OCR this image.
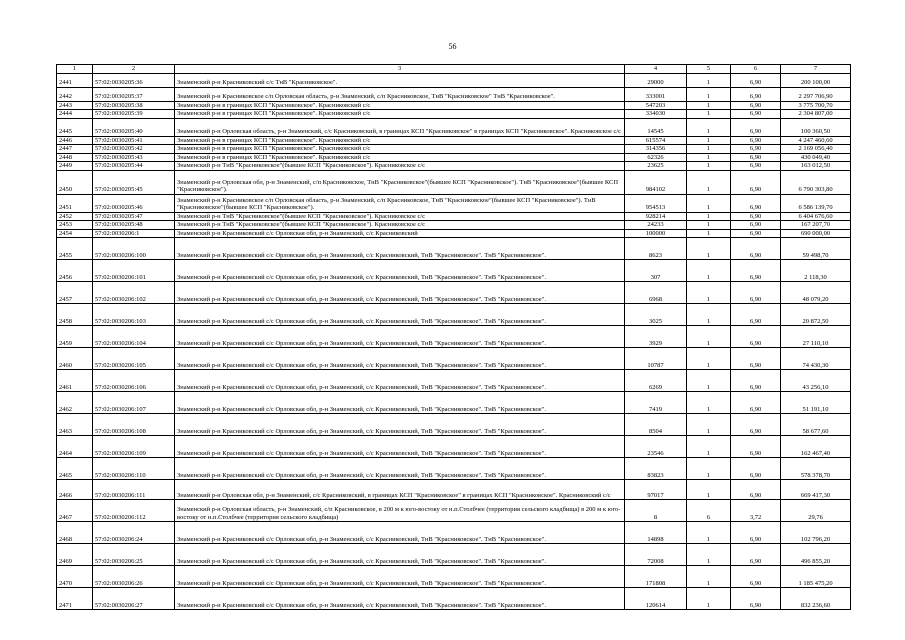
56
1	2	3	4	5	6	7
2441	57:02:0030205:36	Знаменский р-н Красниковский с/с ТнВ "Красниковское".	29000	1	6,90	200 100,00
2442	57:02:0030205:37	Знаменский р-н Красниковское с/п Орловская область, р-н Знаменский, с/п Красниковское, ТнВ "Красниковское" ТнВ "Красниковское".	333001	1	6,90	2 297 706,90
2443	57:02:0030205:38	Знаменский р-н в границах КСП "Красниковское". Красниковский с/с	547203	1	6,90	3 775 700,70
2444	57:02:0030205:39	Знаменский р-н в границах КСП "Красниковское". Красниковский с/с	334030	1	6,90	2 304 807,00
2445	57:02:0030205:40	Знаменский р-н Орловская область, р-н Знаменский, с/с Красниковский, в границах КСП "Красниковское" в границах КСП "Красниковское". Красниковское с/с	14545	1	6,90	100 360,50
2446	57:02:0030205:41	Знаменский р-н в границах КСП "Красниковское". Красниковский с/с	615574	1	6,90	4 247 460,60
2447	57:02:0030205:42	Знаменский р-н в границах КСП "Красниковское". Красниковский с/с	314356	1	6,90	2 169 056,40
2448	57:02:0030205:43	Знаменский р-н в границах КСП "Красниковское". Красниковский с/с	62326	1	6,90	430 049,40
2449	57:02:0030205:44	Знаменский р-н ТнВ "Красниковское"(бывшее КСП "Красниковское"). Красниковское с/с	23625	1	6,90	163 012,50
2450	57:02:0030205:45	Знаменский р-н Орловская обл, р-н Знаменский, с/п Красниковское, ТнВ "Красниковское"(бывшее КСП "Красниковское"). ТнВ "Красниковское"(бывшее КСП "Красниковское").	984102	1	6,90	6 790 303,80
2451	57:02:0030205:46	Знаменский р-н Красниковское с/п Орловская область, р-н Знаменский, с/п Красниковское, ТнВ "Красниковское"(бывшее КСП "Красниковское"). ТнВ "Красниковское"(бывшее КСП "Красниковское").	954513	1	6,90	6 586 139,70
2452	57:02:0030205:47	Знаменский р-н ТнВ "Красниковское"(бывшее КСП "Красниковское"). Красниковское с/с	928214	1	6,90	6 404 676,60
2453	57:02:0030205:48	Знаменский р-н ТнВ "Красниковское"(бывшее КСП "Красниковское"). Красниковское с/с	24233	1	6,90	167 207,70
2454	57:02:0030206:1	Знаменский р-н Красниковский с/с Орловская обл, р-н Знаменский, с/с Красниковский	100000	1	6,90	690 000,00
2455	57:02:0030206:100	Знаменский р-н Красниковский с/с Орловская обл, р-н Знаменский, с/с Красниковский, ТнВ "Красниковское". ТнВ "Красниковское".	8623	1	6,90	59 498,70
2456	57:02:0030206:101	Знаменский р-н Красниковский с/с Орловская обл, р-н Знаменский, с/с Красниковский, ТнВ "Красниковское". ТнВ "Красниковское".	307	1	6,90	2 118,30
2457	57:02:0030206:102	Знаменский р-н Красниковский с/с Орловская обл, р-н Знаменский, с/с Красниковский, ТнВ "Красниковское". ТнВ "Красниковское".	6968	1	6,90	48 079,20
2458	57:02:0030206:103	Знаменский р-н Красниковский с/с Орловская обл, р-н Знаменский, с/с Красниковский, ТнВ "Красниковское". ТнВ "Красниковское".	3025	1	6,90	20 872,50
2459	57:02:0030206:104	Знаменский р-н Красниковский с/с Орловская обл, р-н Знаменский, с/с Красниковский, ТнВ "Красниковское". ТнВ "Красниковское".	3929	1	6,90	27 110,10
2460	57:02:0030206:105	Знаменский р-н Красниковский с/с Орловская обл, р-н Знаменский, с/с Красниковский, ТнВ "Красниковское". ТнВ "Красниковское".	10787	1	6,90	74 430,30
2461	57:02:0030206:106	Знаменский р-н Красниковский с/с Орловская обл, р-н Знаменский, с/с Красниковский, ТнВ "Красниковское". ТнВ "Красниковское".	6269	1	6,90	43 256,10
2462	57:02:0030206:107	Знаменский р-н Красниковский с/с Орловская обл, р-н Знаменский, с/с Красниковский, ТнВ "Красниковское". ТнВ "Красниковское".	7419	1	6,90	51 191,10
2463	57:02:0030206:108	Знаменский р-н Красниковский с/с Орловская обл, р-н Знаменский, с/с Красниковский, ТнВ "Красниковское". ТнВ "Красниковское".	8504	1	6,90	58 677,60
2464	57:02:0030206:109	Знаменский р-н Красниковский с/с Орловская обл, р-н Знаменский, с/с Красниковский, ТнВ "Красниковское". ТнВ "Красниковское".	23546	1	6,90	162 467,40
2465	57:02:0030206:110	Знаменский р-н Красниковский с/с Орловская обл, р-н Знаменский, с/с Красниковский, ТнВ "Красниковское". ТнВ "Красниковское".	83823	1	6,90	578 378,70
2466	57:02:0030206:111	Знаменский р-н Орловская обл, р-н Знаменский, с/с Красниковский, в границах КСП "Красниковское" в границах КСП "Красниковское". Красниковский с/с	97017	1	6,90	669 417,30
2467	57:02:0030206:112	Знаменский р-н Орловская область, р-н Знаменский, с/п Красниковское, в 200 м к юго-востоку от н.п.Столбчее (территория сельского кладбища) в 200 м к юго-востоку от н.п.Столбчее (территория сельского кладбища)	8	6	3,72	29,76
2468	57:02:0030206:24	Знаменский р-н Красниковский с/с Орловская обл, р-н Знаменский, с/с Красниковский, ТнВ "Красниковское". ТнВ "Красниковское".	14898	1	6,90	102 796,20
2469	57:02:0030206:25	Знаменский р-н Красниковский с/с Орловская обл, р-н Знаменский, с/с Красниковский, ТнВ "Красниковское". ТнВ "Красниковское".	72008	1	6,90	496 855,20
2470	57:02:0030206:26	Знаменский р-н Красниковский с/с Орловская обл, р-н Знаменский, с/с Красниковский, ТнВ "Красниковское". ТнВ "Красниковское".	171808	1	6,90	1 185 475,20
2471	57:02:0030206:27	Знаменский р-н Красниковский с/с Орловская обл, р-н Знаменский, с/с Красниковский, ТнВ "Красниковское". ТнВ "Красниковское".	120614	1	6,90	832 236,60
